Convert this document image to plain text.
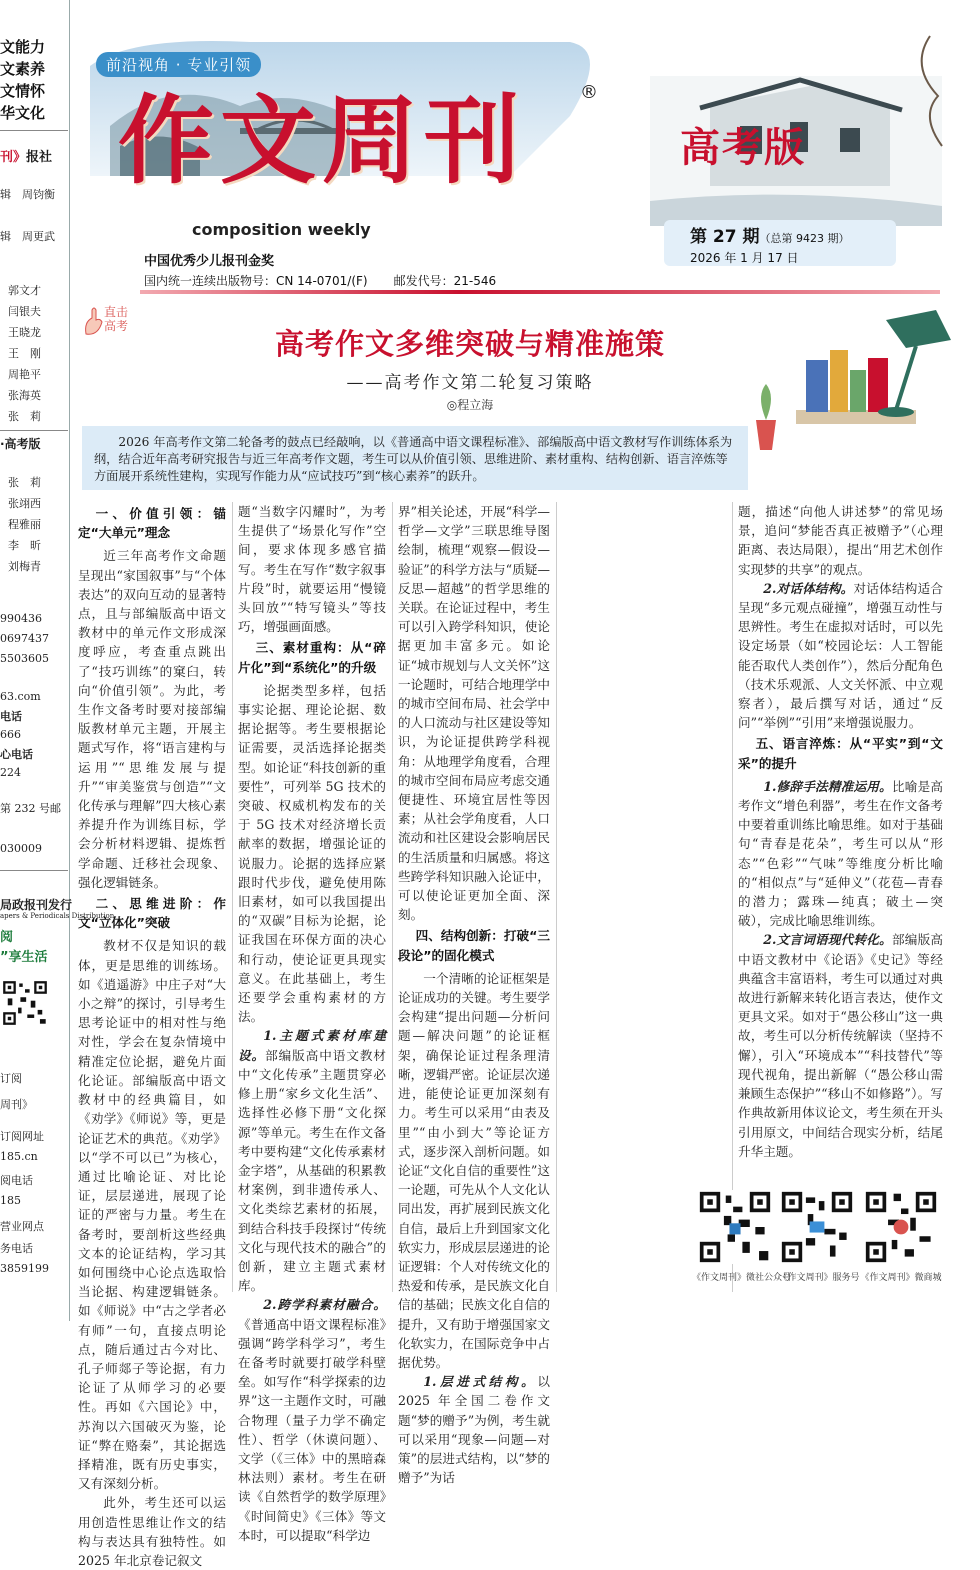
文能力
文素养
文情怀
华文化
刊》报社
辑　周钧衡
辑　周更武
郭文才
闫银夫
王晓龙
王　刚
周艳平
张海英
张　莉
·高考版
张　莉
张翊西
程雅丽
李　昕
刘梅青
990436
0697437
5503605
63.com
电话
666
心电话
224
第 232 号邮
030009
局政报刊发行
apers & Periodicals Distribution
阅
”享生活
订阅
周刊》
订阅网址
185.cn
阅电话
185
营业网点
务电话
3859199
前沿视角 · 专业引领
作文周刊	®
composition weekly
高考版
第 27 期（总第 9423 期）
2026 年 1 月 17 日
中国优秀少儿报刊金奖
国内统一连续出版物号：CN 14-0701/(F) 邮发代号：21-546
直击
高考
高考作文多维突破与精准施策
——高考作文第二轮复习策略
◎程立海
2026 年高考作文第二轮备考的鼓点已经敲响，以《普通高中语文课程标准》、部编版高中语文教材写作训练体系为纲，结合近年高考研究报告与近三年高考作文题，考生可以从价值引领、思维进阶、素材重构、结构创新、语言淬炼等方面展开系统性建构，实现写作能力从“应试技巧”到“核心素养”的跃升。
一、价值引领：锚定“大单元”理念

近三年高考作文命题呈现出“家国叙事”与“个体表达”的双向互动的显著特点，且与部编版高中语文教材中的单元作文形成深度呼应，考查重点跳出了“技巧训练”的窠臼，转向“价值引领”。为此，考生作文备考时要对接部编版教材单元主题，开展主题式写作，将“语言建构与运用”“思维发展与提升”“审美鉴赏与创造”“文化传承与理解”四大核心素养提升作为训练目标，学会分析材料逻辑、提炼哲学命题、迁移社会现象、强化逻辑链条。

二、思维进阶：作文“立体化”突破

教材不仅是知识的载体，更是思维的训练场。如《逍遥游》中庄子对“大小之辩”的探讨，引导考生思考论证中的相对性与绝对性，学会在复杂情境中精准定位论据，避免片面化论证。部编版高中语文教材中的经典篇目，如《劝学》《师说》等，更是论证艺术的典范。《劝学》以“学不可以已”为核心，通过比喻论证、对比论证，层层递进，展现了论证的严密与力量。考生在备考时，要剖析这些经典文本的论证结构，学习其如何围绕中心论点选取恰当论据、构建逻辑链条。如《师说》中“古之学者必有师”一句，直接点明论点，随后通过古今对比、孔子师郯子等论据，有力论证了从师学习的必要性。再如《六国论》中，苏洵以六国破灭为鉴，论证“弊在赂秦”，其论据选择精准，既有历史事实，又有深刻分析。

此外，考生还可以运用创造性思维让作文的结构与表达具有独特性。如 2025 年北京卷记叙文

题“当数字闪耀时”，为考生提供了“场景化写作”空间，要求体现多感官描写。考生在写作“数字叙事片段”时，就要运用“慢镜头回放”“特写镜头”等技巧，增强画面感。

三、素材重构：从“碎片化”到“系统化”的升级

论据类型多样，包括事实论据、理论论据、数据论据等。考生要根据论证需要，灵活选择论据类型。如论证“科技创新的重要性”，可列举 5G 技术的突破、权威机构发布的关于 5G 技术对经济增长贡献率的数据，增强论证的说服力。论据的选择应紧跟时代步伐，避免使用陈旧素材，如可以我国提出的“双碳”目标为论据，论证我国在环保方面的决心和行动，使论证更具现实意义。在此基础上，考生还要学会重构素材的方法。

1.主题式素材库建设。部编版高中语文教材中“文化传承”主题贯穿必修上册“家乡文化生活”、选择性必修下册“文化探源”等单元。考生在作文备考中要构建“文化传承素材金字塔”，从基础的积累教材案例，到非遗传承人、文化类综艺素材的拓展，到结合科技手段探讨“传统文化与现代技术的融合”的创新，建立主题式素材库。

2.跨学科素材融合。《普通高中语文课程标准》强调“跨学科学习”，考生在备考时就要打破学科壁垒。如写作“科学探索的边界”这一主题作文时，可融合物理（量子力学不确定性）、哲学（休谟问题）、文学（《三体》中的黑暗森林法则）素材。考生在研读《自然哲学的数学原理》《时间简史》《三体》等文本时，可以提取“科学边

界”相关论述，开展“科学—哲学—文学”三联思维导图绘制，梳理“观察—假设—验证”的科学方法与“质疑—反思—超越”的哲学思维的关联。在论证过程中，考生可以引入跨学科知识，使论据更加丰富多元。如论证“城市规划与人文关怀”这一论题时，可结合地理学中的城市空间布局、社会学中的人口流动与社区建设等知识，为论证提供跨学科视角：从地理学角度看，合理的城市空间布局应考虑交通便捷性、环境宜居性等因素；从社会学角度看，人口流动和社区建设会影响居民的生活质量和归属感。将这些跨学科知识融入论证中，可以使论证更加全面、深刻。

四、结构创新：打破“三段论”的固化模式

一个清晰的论证框架是论证成功的关键。考生要学会构建“提出问题—分析问题—解决问题”的论证框架，确保论证过程条理清晰，逻辑严密。论证层次递进，能使论证更加深刻有力。考生可以采用“由表及里”“由小到大”等论证方式，逐步深入剖析问题。如论证“文化自信的重要性”这一论题，可先从个人文化认同出发，再扩展到民族文化自信，最后上升到国家文化软实力，形成层层递进的论证逻辑：个人对传统文化的热爱和传承，是民族文化自信的基础；民族文化自信的提升，又有助于增强国家文化软实力，在国际竞争中占据优势。

1.层进式结构。以 2025 年全国二卷作文题“梦的赠予”为例，考生就可以采用“现象—问题—对策”的层进式结构，以“梦的赠予”为话

题，描述“向他人讲述梦”的常见场景，追问“梦能否真正被赠予”（心理距离、表达局限），提出“用艺术创作实现梦的共享”的观点。

2.对话体结构。对话体结构适合呈现“多元观点碰撞”，增强互动性与思辨性。考生在虚拟对话时，可以先设定场景（如“校园论坛：人工智能能否取代人类创作”），然后分配角色（技术乐观派、人文关怀派、中立观察者），最后撰写对话，通过“反问”“举例”“引用”来增强说服力。

五、语言淬炼：从“平实”到“文采”的提升

1.修辞手法精准运用。比喻是高考作文“增色利器”，考生在作文备考中要着重训练比喻思维。如对于基础句“青春是花朵”，考生可以从“形态”“色彩”“气味”等维度分析比喻的“相似点”与“延伸义”（花苞—青春的潜力；露珠—纯真；破土—突破），完成比喻思维训练。

2.文言词语现代转化。部编版高中语文教材中《论语》《史记》等经典蕴含丰富语料，考生可以通过对典故进行新解来转化语言表达，使作文更具文采。如对于“愚公移山”这一典故，考生可以分析传统解读（坚持不懈），引入“环境成本”“科技替代”等现代视角，提出新解（“愚公移山需兼顾生态保护”“移山不如修路”）。写作典故新用体议论文，考生须在开头引用原文，中间结合现实分析，结尾升华主题。

《作文周刊》微社公众号
《作文周刊》服务号 《作文周刊》微商城
